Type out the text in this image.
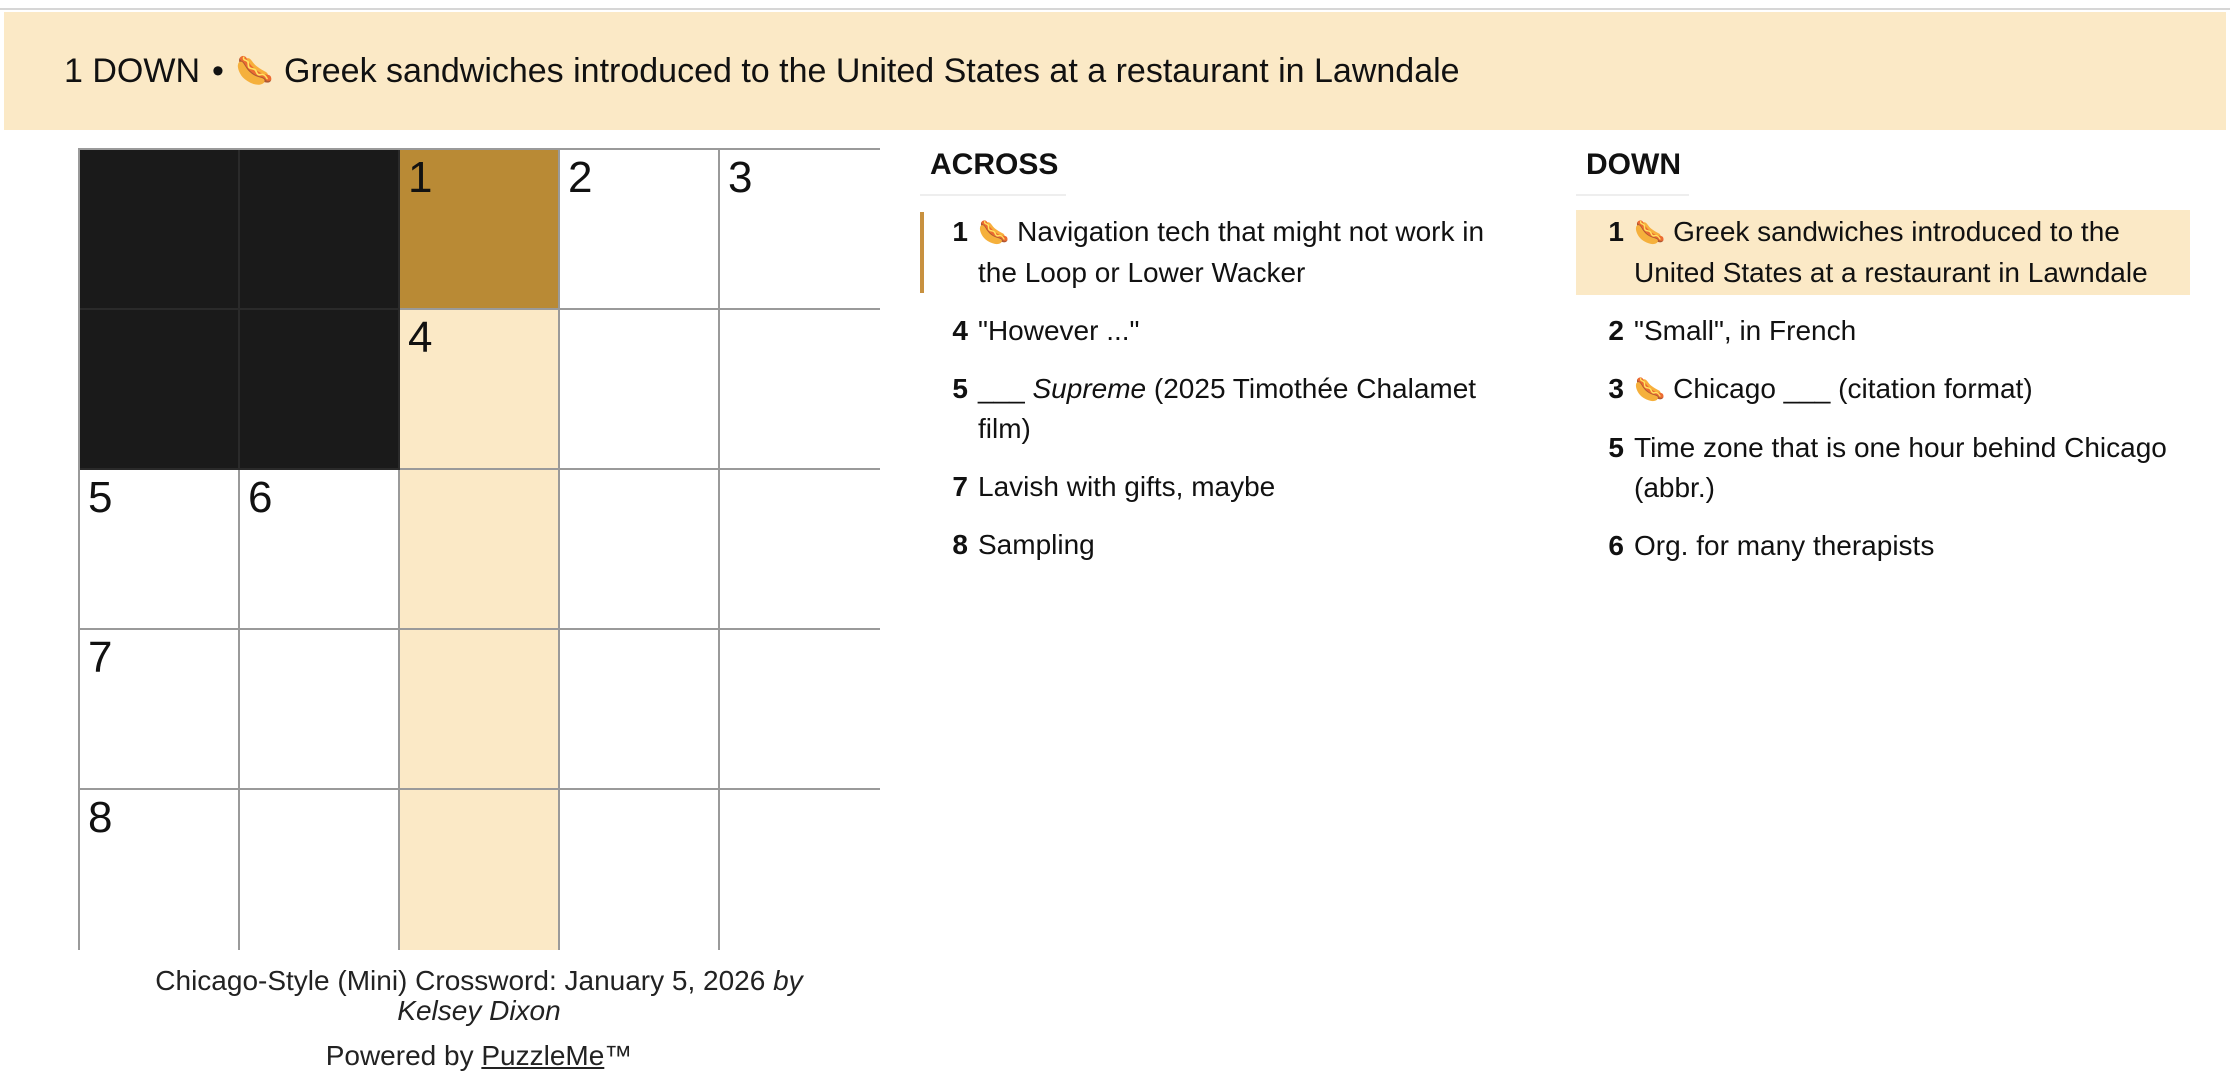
1 DOWN • 🌭 Greek sandwiches introduced to the United States at a restaurant in Lawndale
1	2	3
4
5	6
7
8
Chicago-Style (Mini) Crossword: January 5, 2026 by
Kelsey Dixon
Powered by PuzzleMe™
ACROSS
1 🌭 Navigation tech that might not work in the Loop or Lower Wacker
4 "However ..."
5 ___ Supreme (2025 Timothée Chalamet film)
7 Lavish with gifts, maybe
8 Sampling
DOWN
1 🌭 Greek sandwiches introduced to the United States at a restaurant in Lawndale
2 "Small", in French
3 🌭 Chicago ___ (citation format)
5 Time zone that is one hour behind Chicago (abbr.)
6 Org. for many therapists
